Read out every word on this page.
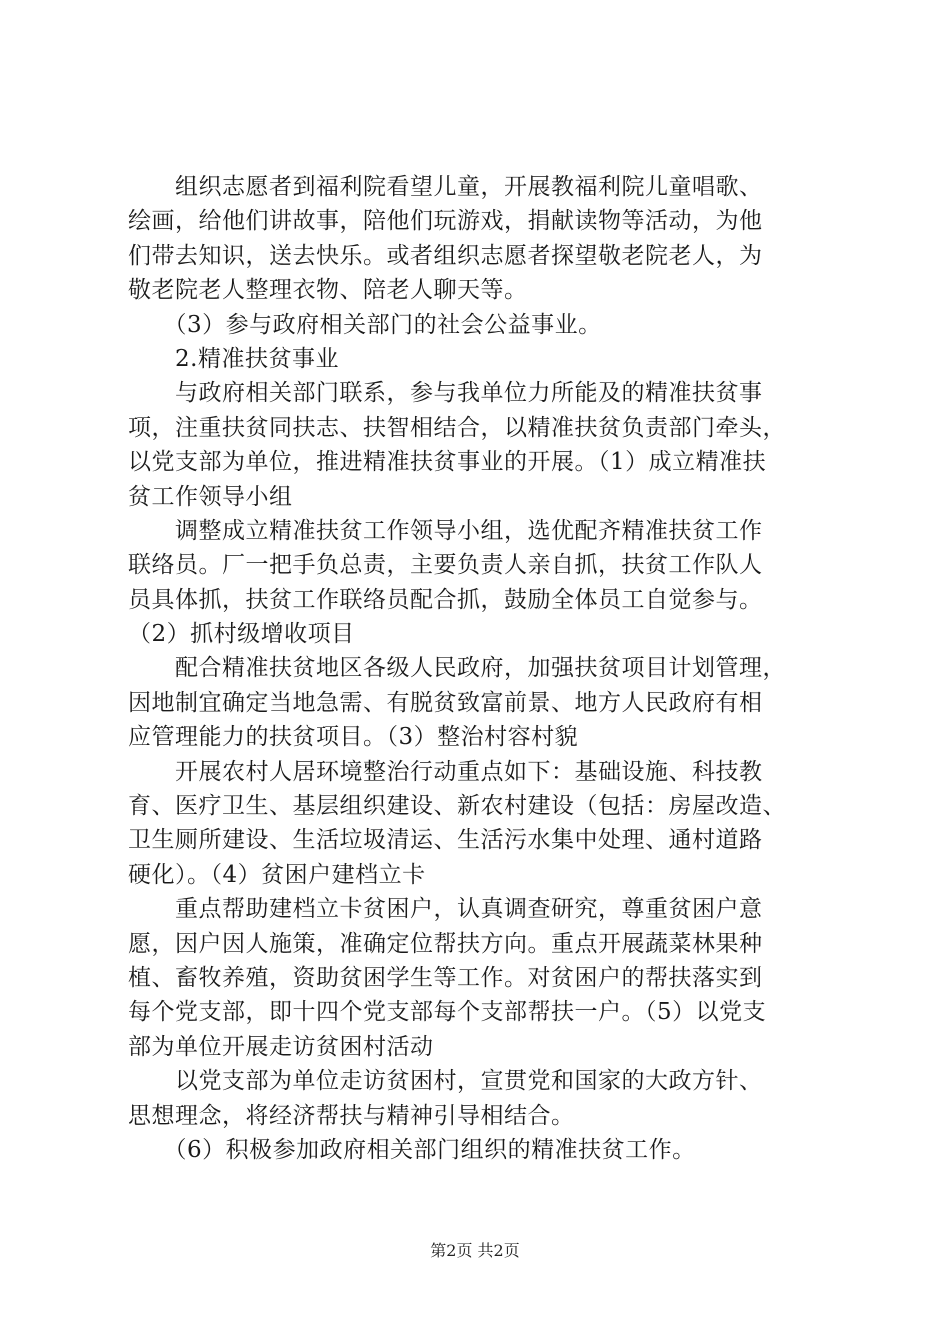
　　组织志愿者到福利院看望儿童，开展教福利院儿童唱歌、

绘画，给他们讲故事，陪他们玩游戏，捐献读物等活动，为他

们带去知识，送去快乐。或者组织志愿者探望敬老院老人，为

敬老院老人整理衣物、陪老人聊天等。

　　（3）参与政府相关部门的社会公益事业。

　　2.精准扶贫事业

　　与政府相关部门联系，参与我单位力所能及的精准扶贫事

项，注重扶贫同扶志、扶智相结合，以精准扶贫负责部门牵头，

以党支部为单位，推进精准扶贫事业的开展。（1）成立精准扶

贫工作领导小组

　　调整成立精准扶贫工作领导小组，选优配齐精准扶贫工作

联络员。厂一把手负总责，主要负责人亲自抓，扶贫工作队人

员具体抓，扶贫工作联络员配合抓，鼓励全体员工自觉参与。

（2）抓村级增收项目

　　配合精准扶贫地区各级人民政府，加强扶贫项目计划管理，

因地制宜确定当地急需、有脱贫致富前景、地方人民政府有相

应管理能力的扶贫项目。（3）整治村容村貌

　　开展农村人居环境整治行动重点如下：基础设施、科技教

育、医疗卫生、基层组织建设、新农村建设（包括：房屋改造、

卫生厕所建设、生活垃圾清运、生活污水集中处理、通村道路

硬化）。（4）贫困户建档立卡

　　重点帮助建档立卡贫困户，认真调查研究，尊重贫困户意

愿，因户因人施策，准确定位帮扶方向。重点开展蔬菜林果种

植、畜牧养殖，资助贫困学生等工作。对贫困户的帮扶落实到

每个党支部，即十四个党支部每个支部帮扶一户。（5）以党支

部为单位开展走访贫困村活动

　　以党支部为单位走访贫困村，宣贯党和国家的大政方针、

思想理念，将经济帮扶与精神引导相结合。

　　（6）积极参加政府相关部门组织的精准扶贫工作。

第2页 共2页
